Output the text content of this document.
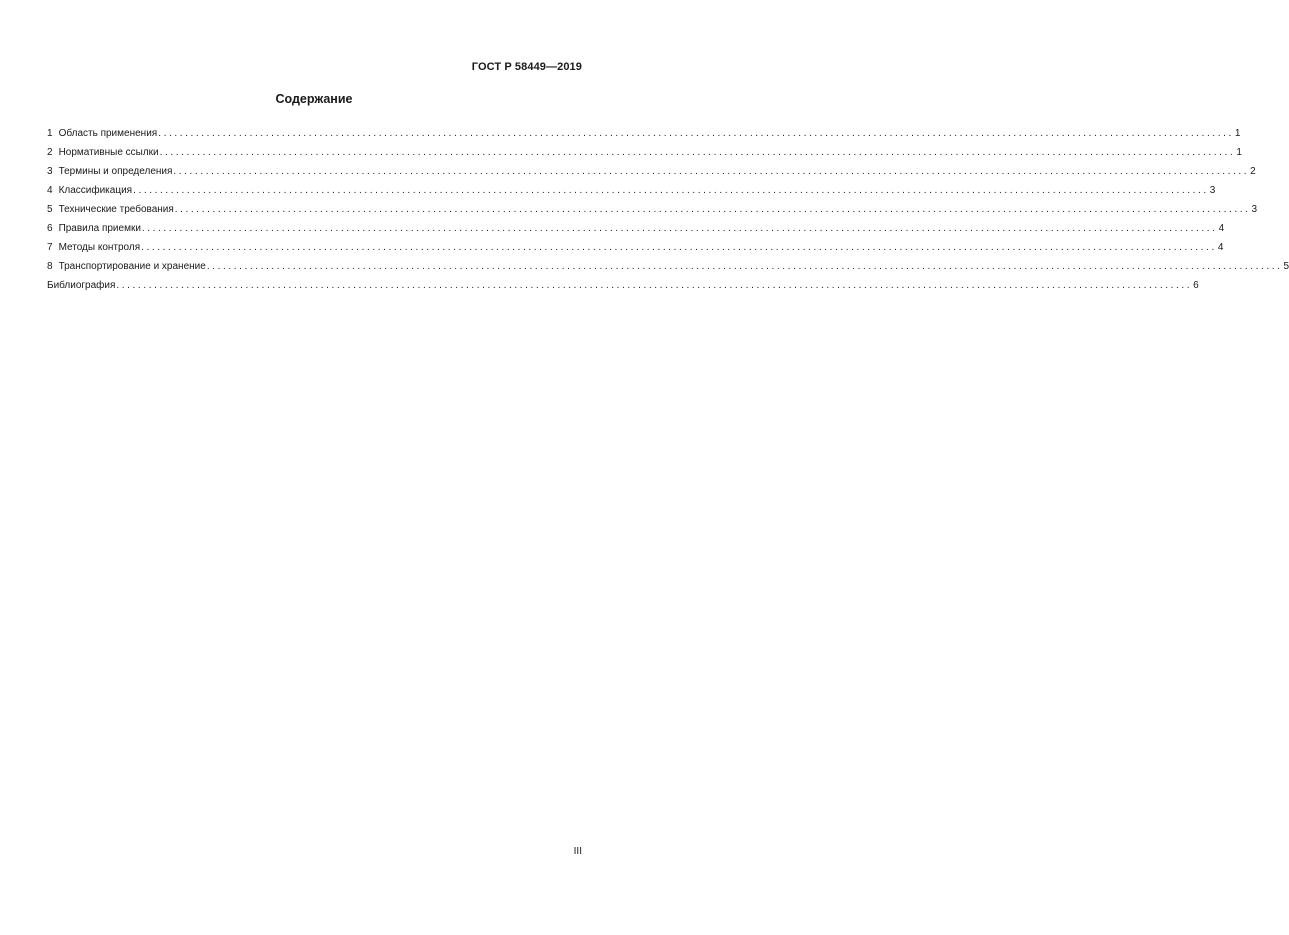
ГОСТ Р 58449—2019
Содержание
1 Область применения ........................................................................................................................................................................................................ 1
2 Нормативные ссылки ........................................................................................................................................................................................................ 1
3 Термины и определения ........................................................................................................................................................................................................ 2
4 Классификация ........................................................................................................................................................................................................ 3
5 Технические требования ........................................................................................................................................................................................................ 3
6 Правила приемки ........................................................................................................................................................................................................ 4
7 Методы контроля ........................................................................................................................................................................................................ 4
8 Транспортирование и хранение ........................................................................................................................................................................................................ 5
Библиография ........................................................................................................................................................................................................ 6
III
